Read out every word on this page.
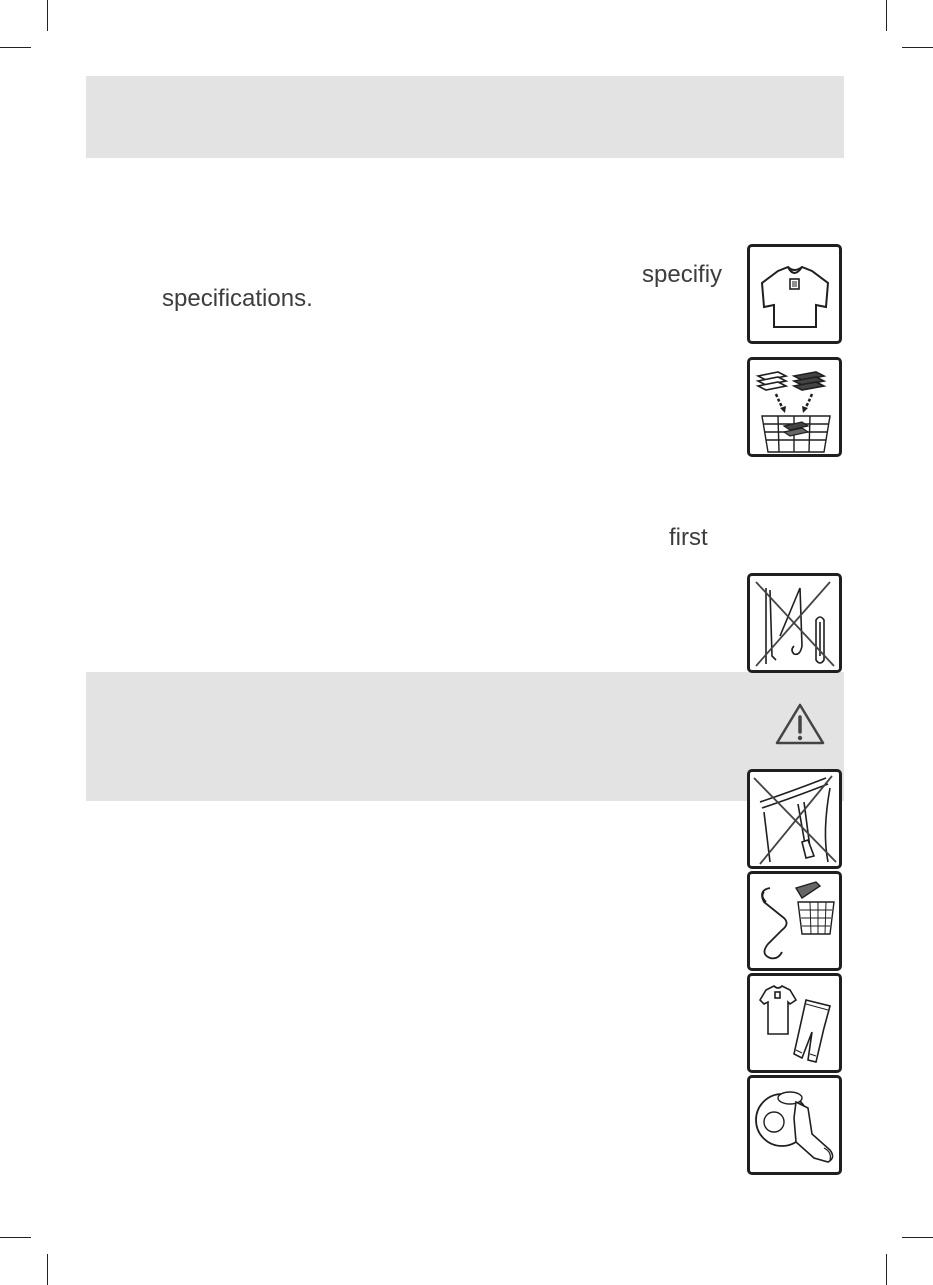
specifiy
specifications.
first
